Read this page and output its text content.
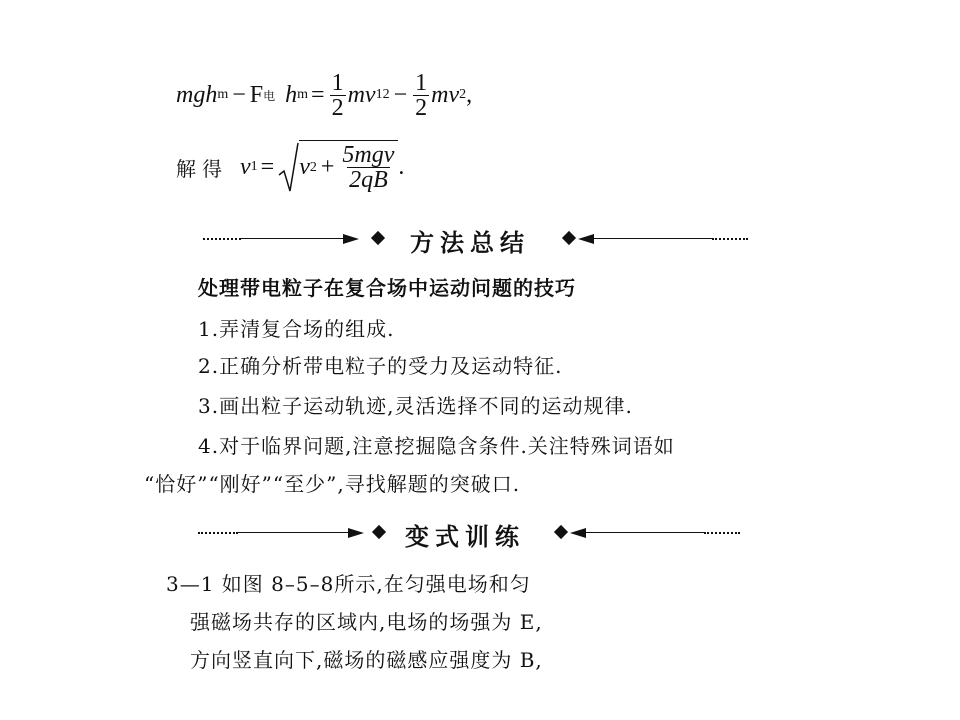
m g h m − F 电 h $m = \frac{1}{2}$ mv 1 $2 - \frac{1}{2}$ mv 2 ,
解得 v 1 = v $2 + \frac{\text{5mgv}}{2qB}$ .
方法总结
处理带电粒子在复合场中运动问题的技巧
1.弄清复合场的组成.
2.正确分析带电粒子的受力及运动特征.
3.画出粒子运动轨迹,灵活选择不同的运动规律.
4.对于临界问题,注意挖掘隐含条件.关注特殊词语如
“恰好”“刚好”“至少”,寻找解题的突破口.
变式训练
3—1 如图 8–5–8所示,在匀强电场和匀
强磁场共存的区域内,电场的场强为 E,
方向竖直向下,磁场的磁感应强度为 B,
